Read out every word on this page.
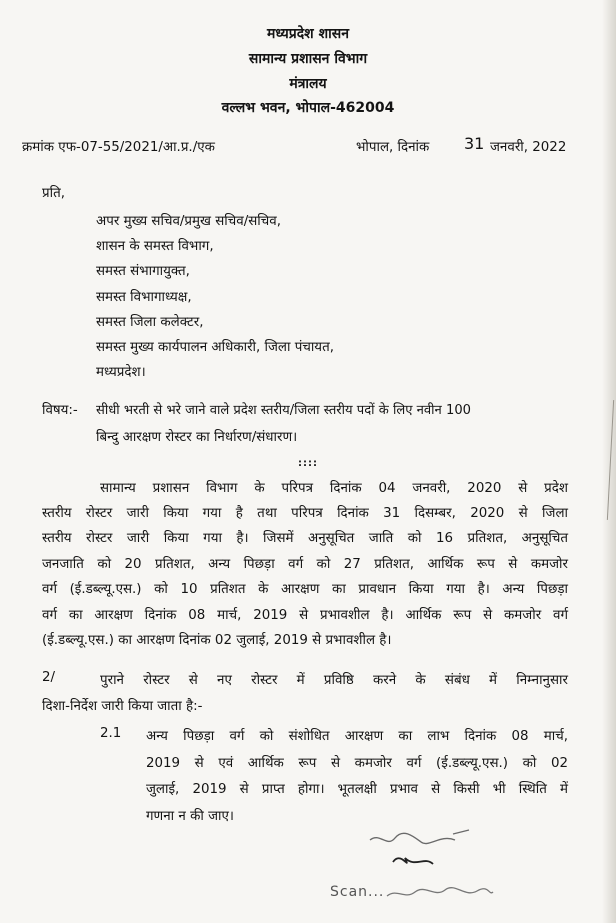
मध्यप्रदेश शासन
सामान्य प्रशासन विभाग
मंत्रालय
वल्लभ भवन, भोपाल-462004
क्रमांक एफ-07-55/2021/आ.प्र./एक	भोपाल, दिनांक 31 जनवरी, 2022
प्रति,
अपर मुख्य सचिव/प्रमुख सचिव/सचिव,
शासन के समस्त विभाग,
समस्त संभागायुक्त,
समस्त विभागाध्यक्ष,
समस्त जिला कलेक्टर,
समस्त मुख्य कार्यपालन अधिकारी, जिला पंचायत,
मध्यप्रदेश।
विषय:- सीधी भरती से भरे जाने वाले प्रदेश स्तरीय/जिला स्तरीय पदों के लिए नवीन 100
बिन्दु आरक्षण रोस्टर का निर्धारण/संधारण।
::::
सामान्य प्रशासन विभाग के परिपत्र दिनांक 04 जनवरी, 2020 से प्रदेश
स्तरीय रोस्टर जारी किया गया है तथा परिपत्र दिनांक 31 दिसम्बर, 2020 से जिला
स्तरीय रोस्टर जारी किया गया है। जिसमें अनुसूचित जाति को 16 प्रतिशत, अनुसूचित
जनजाति को 20 प्रतिशत, अन्य पिछड़ा वर्ग को 27 प्रतिशत, आर्थिक रूप से कमजोर
वर्ग (ई.डब्ल्यू.एस.) को 10 प्रतिशत के आरक्षण का प्रावधान किया गया है। अन्य पिछड़ा
वर्ग का आरक्षण दिनांक 08 मार्च, 2019 से प्रभावशील है। आर्थिक रूप से कमजोर वर्ग
(ई.डब्ल्यू.एस.) का आरक्षण दिनांक 02 जुलाई, 2019 से प्रभावशील है।
2/	पुराने रोस्टर से नए रोस्टर में प्रविष्ठि करने के संबंध में निम्नानुसार
दिशा-निर्देश जारी किया जाता है:-
2.1 अन्य पिछड़ा वर्ग को संशोधित आरक्षण का लाभ दिनांक 08 मार्च,
2019 से एवं आर्थिक रूप से कमजोर वर्ग (ई.डब्ल्यू.एस.) को 02
जुलाई, 2019 से प्राप्त होगा। भूतलक्षी प्रभाव से किसी भी स्थिति में
गणना न की जाए।
Scan...
